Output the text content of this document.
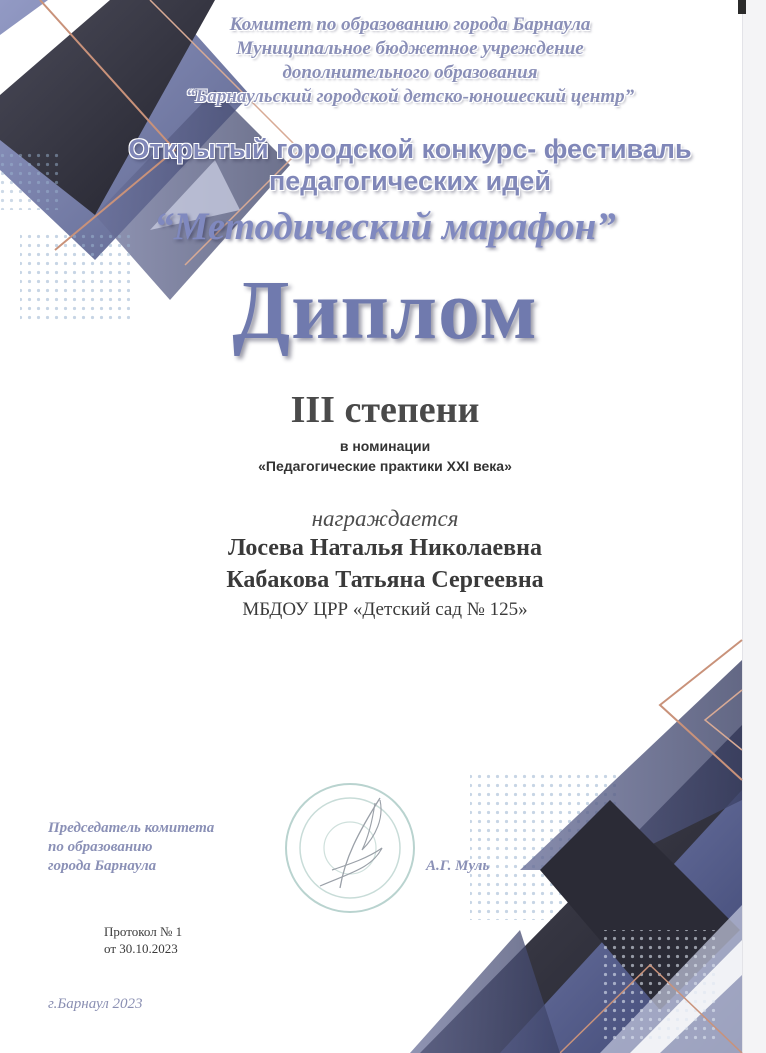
Комитет по образованию города Барнаула
Муниципальное бюджетное учреждение
дополнительного образования
“Барнаульский городской детско-юношеский центр”
Открытый городской конкурс- фестиваль
педагогических идей
“Методический марафон”
Диплом
III степени
в номинации
«Педагогические практики XXI века»
награждается
Лосева Наталья Николаевна
Кабакова Татьяна Сергеевна
МБДОУ ЦРР «Детский сад № 125»
Председатель комитета
по образованию
города Барнаула	А.Г. Муль
Протокол № 1
от 30.10.2023
г.Барнаул 2023
